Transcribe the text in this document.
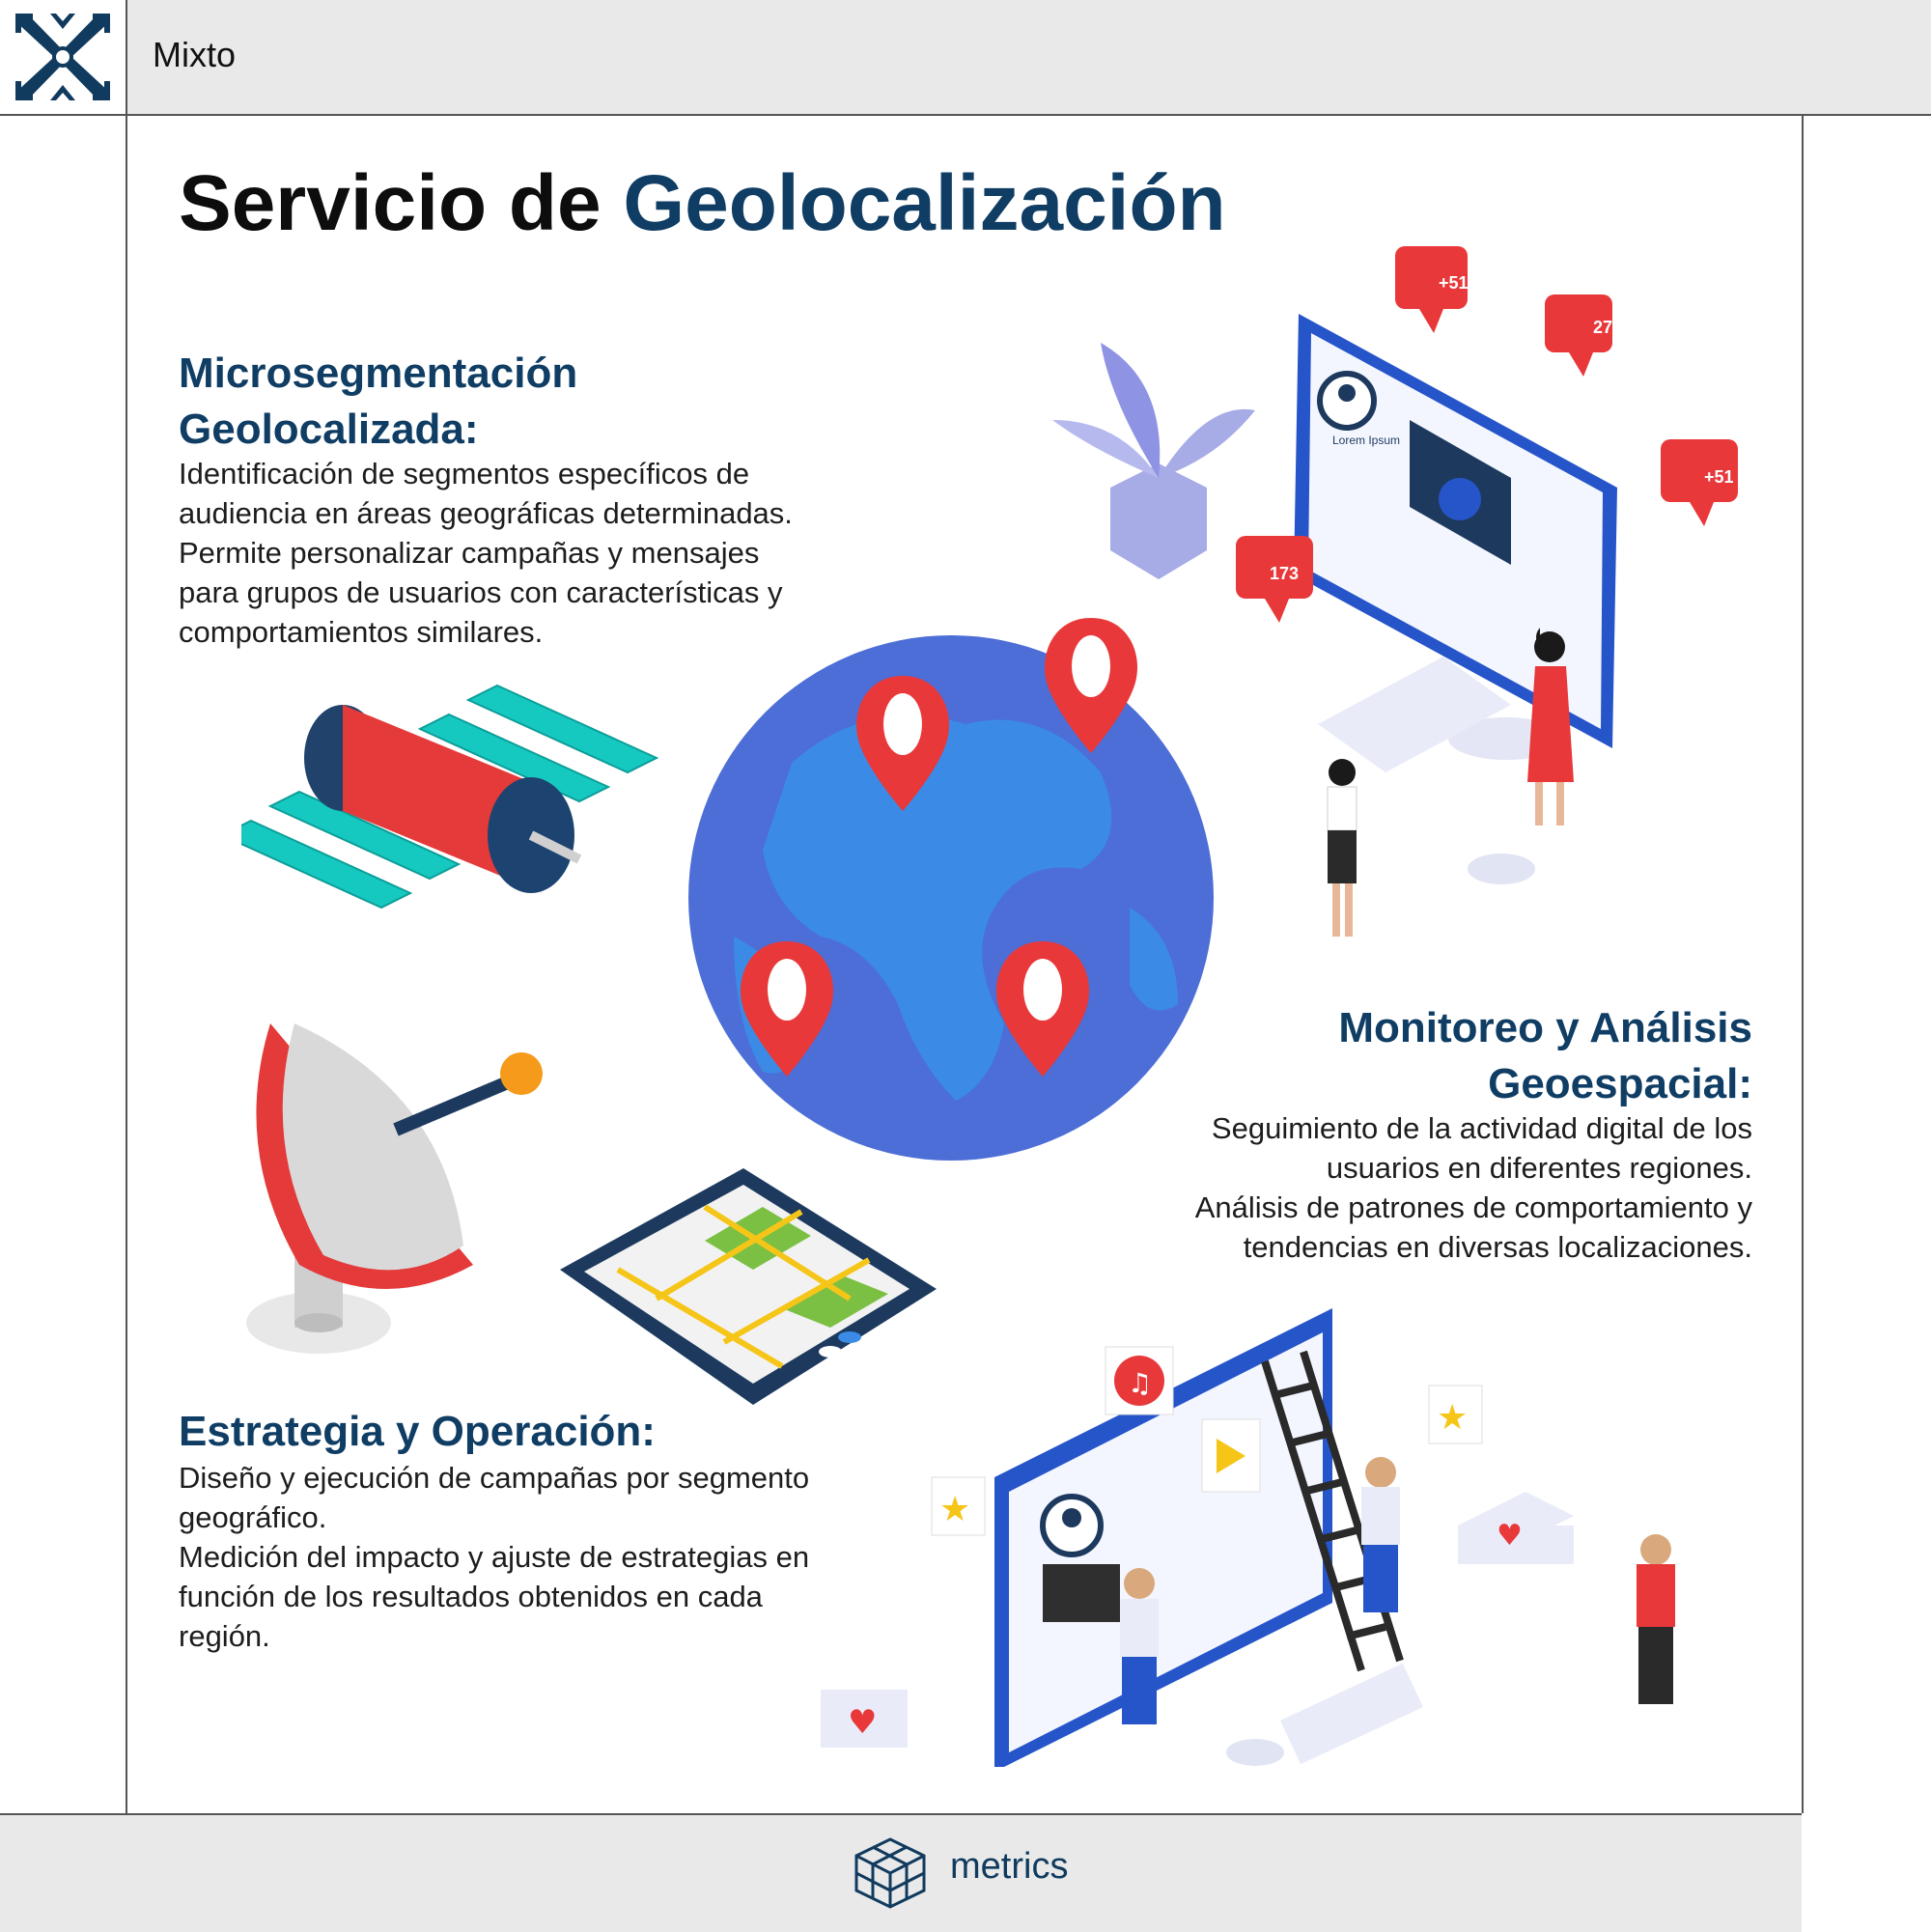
Mixto
Servicio de Geolocalización
Microsegmentación
Geolocalizada:
Identificación de segmentos específicos de
audiencia en áreas geográficas determinadas.
Permite personalizar campañas y mensajes
para grupos de usuarios con características y
comportamientos similares.
Monitoreo y Análisis
Geoespacial:
Seguimiento de la actividad digital de los
usuarios en diferentes regiones.
Análisis de patrones de comportamiento y
tendencias en diversas localizaciones.
Estrategia y Operación:
Diseño y ejecución de campañas por segmento
geográfico.
Medición del impacto y ajuste de estrategias en
función de los resultados obtenidos en cada
región.
Lorem Ipsum
+51
27
+51
173
♫
★
★
♥
♥
metrics
